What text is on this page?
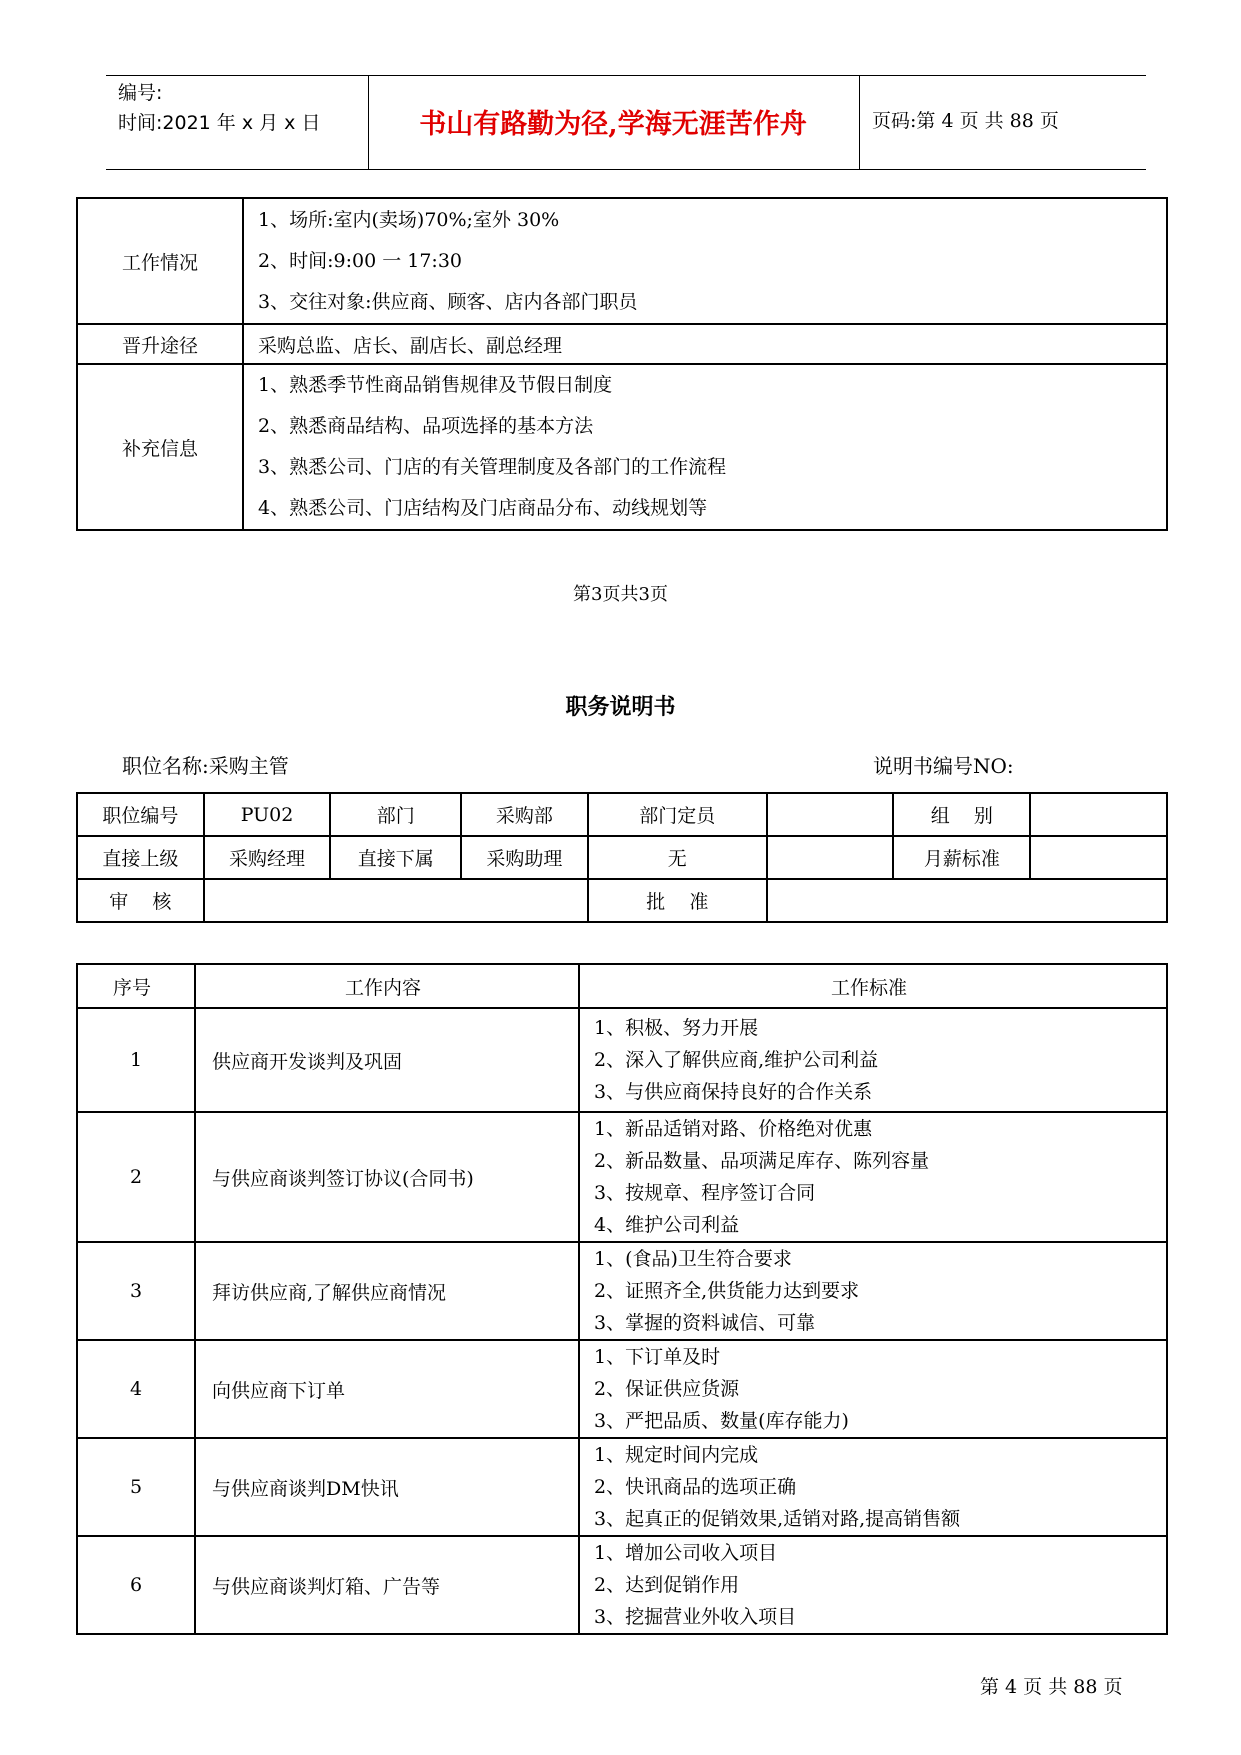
编号:
时间:2021 年 x 月 x 日	书山有路勤为径,学海无涯苦作舟	页码:第 4 页 共 88 页
工作情况	1、场所:室内(卖场)70%;室外 30%
2、时间:9:00 一 17:30
3、交往对象:供应商、顾客、店内各部门职员

晋升途径	采购总监、店长、副店长、副总经理

补充信息	1、熟悉季节性商品销售规律及节假日制度
2、熟悉商品结构、品项选择的基本方法
3、熟悉公司、门店的有关管理制度及各部门的工作流程
4、熟悉公司、门店结构及门店商品分布、动线规划等
第3页共3页
职务说明书
职位名称:采购主管	说明书编号NO:
职位编号	PU02	部门	采购部	部门定员		组    别	
直接上级	采购经理	直接下属	采购助理	无		月薪标准	
审    核				批    准			
序号	工作内容	工作标准
1	供应商开发谈判及巩固	1、积极、努力开展
2、深入了解供应商,维护公司利益
3、与供应商保持良好的合作关系

2	与供应商谈判签订协议(合同书)	1、新品适销对路、价格绝对优惠
2、新品数量、品项满足库存、陈列容量
3、按规章、程序签订合同
4、维护公司利益

3	拜访供应商,了解供应商情况	1、(食品)卫生符合要求
2、证照齐全,供货能力达到要求
3、掌握的资料诚信、可靠

4	向供应商下订单	1、下订单及时
2、保证供应货源
3、严把品质、数量(库存能力)

5	与供应商谈判DM快讯	1、规定时间内完成
2、快讯商品的选项正确
3、起真正的促销效果,适销对路,提高销售额

6	与供应商谈判灯箱、广告等	1、增加公司收入项目
2、达到促销作用
3、挖掘营业外收入项目
第 4 页 共 88 页
